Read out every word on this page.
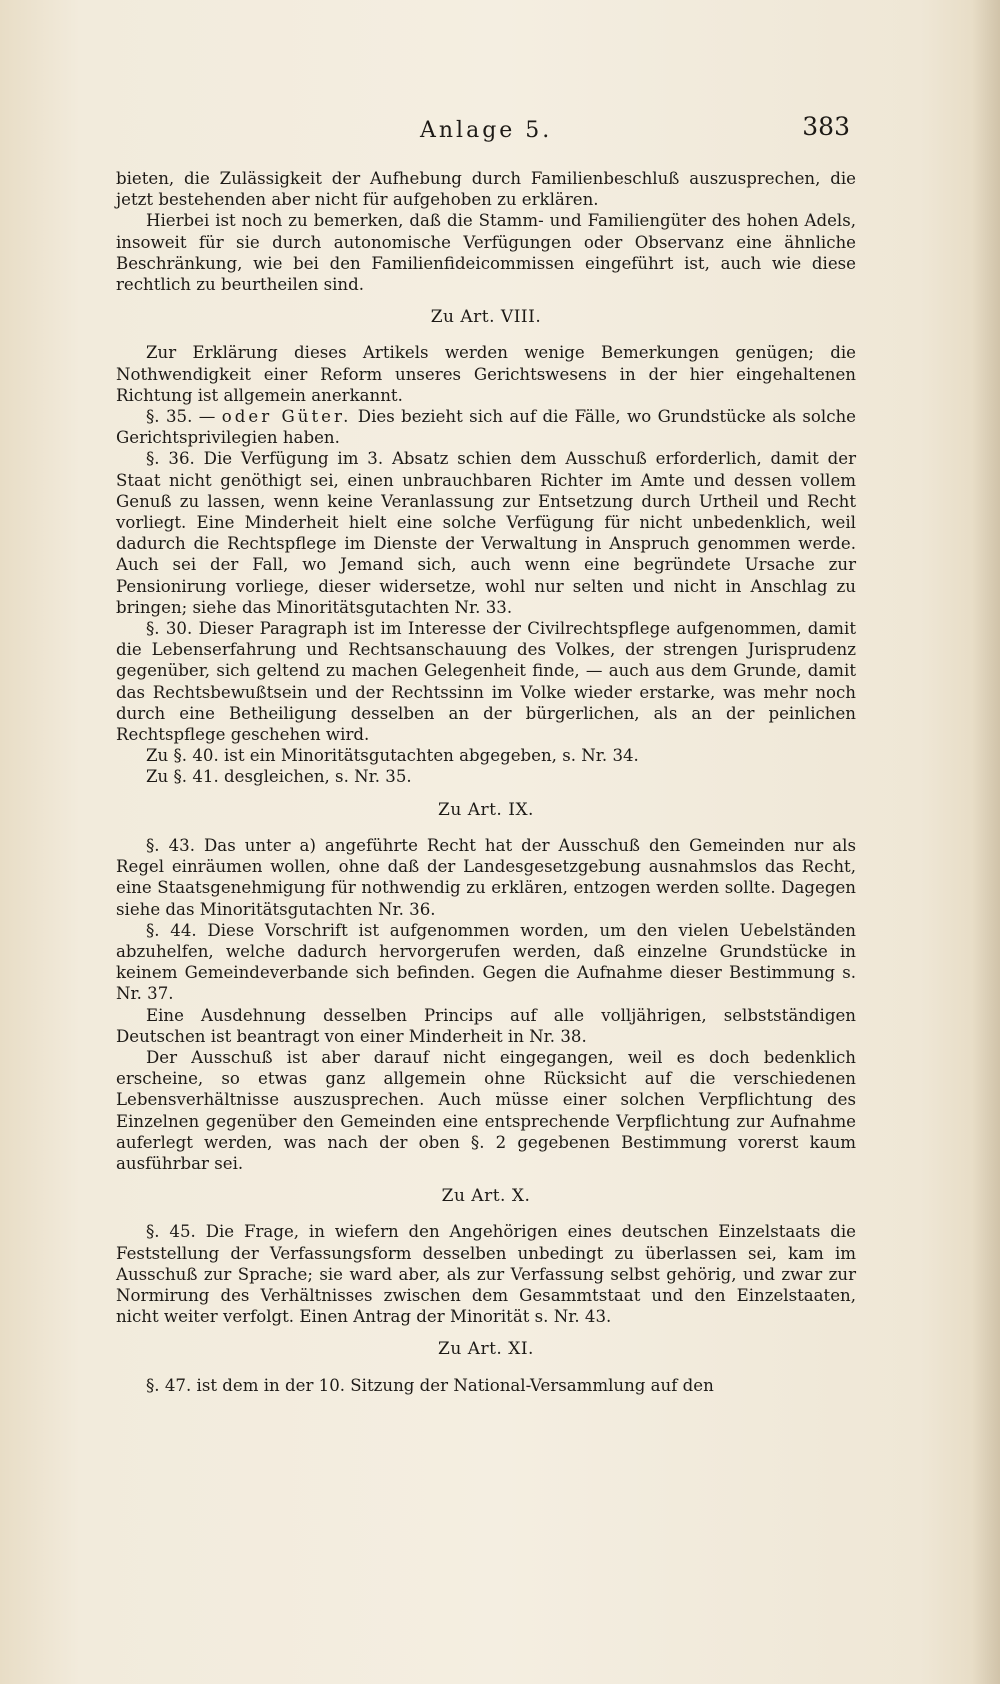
Anlage 5.	383

bieten, die Zulässigkeit der Aufhebung durch Familienbeschluß auszusprechen, die jetzt bestehenden aber nicht für aufgehoben zu erklären.

Hierbei ist noch zu bemerken, daß die Stamm- und Familiengüter des hohen Adels, insoweit für sie durch autonomische Verfügungen oder Observanz eine ähnliche Beschränkung, wie bei den Familienfideicommissen eingeführt ist, auch wie diese rechtlich zu beurtheilen sind.

Zu Art. VIII.

Zur Erklärung dieses Artikels werden wenige Bemerkungen genügen; die Nothwendigkeit einer Reform unseres Gerichtswesens in der hier eingehaltenen Richtung ist allgemein anerkannt.

§. 35. — oder Güter. Dies bezieht sich auf die Fälle, wo Grundstücke als solche Gerichtsprivilegien haben.

§. 36. Die Verfügung im 3. Absatz schien dem Ausschuß erforderlich, damit der Staat nicht genöthigt sei, einen unbrauchbaren Richter im Amte und dessen vollem Genuß zu lassen, wenn keine Veranlassung zur Entsetzung durch Urtheil und Recht vorliegt. Eine Minderheit hielt eine solche Verfügung für nicht unbedenklich, weil dadurch die Rechtspflege im Dienste der Verwaltung in Anspruch genommen werde. Auch sei der Fall, wo Jemand sich, auch wenn eine begründete Ursache zur Pensionirung vorliege, dieser widersetze, wohl nur selten und nicht in Anschlag zu bringen; siehe das Minoritätsgutachten Nr. 33.

§. 30. Dieser Paragraph ist im Interesse der Civilrechtspflege aufgenommen, damit die Lebenserfahrung und Rechtsanschauung des Volkes, der strengen Jurisprudenz gegenüber, sich geltend zu machen Gelegenheit finde, — auch aus dem Grunde, damit das Rechtsbewußtsein und der Rechtssinn im Volke wieder erstarke, was mehr noch durch eine Betheiligung desselben an der bürgerlichen, als an der peinlichen Rechtspflege geschehen wird.

Zu §. 40. ist ein Minoritätsgutachten abgegeben, s. Nr. 34.

Zu §. 41. desgleichen, s. Nr. 35.

Zu Art. IX.

§. 43. Das unter a) angeführte Recht hat der Ausschuß den Gemeinden nur als Regel einräumen wollen, ohne daß der Landesgesetzgebung ausnahmslos das Recht, eine Staatsgenehmigung für nothwendig zu erklären, entzogen werden sollte. Dagegen siehe das Minoritätsgutachten Nr. 36.

§. 44. Diese Vorschrift ist aufgenommen worden, um den vielen Uebelständen abzuhelfen, welche dadurch hervorgerufen werden, daß einzelne Grundstücke in keinem Gemeindeverbande sich befinden. Gegen die Aufnahme dieser Bestimmung s. Nr. 37.

Eine Ausdehnung desselben Princips auf alle volljährigen, selbstständigen Deutschen ist beantragt von einer Minderheit in Nr. 38.

Der Ausschuß ist aber darauf nicht eingegangen, weil es doch bedenklich erscheine, so etwas ganz allgemein ohne Rücksicht auf die verschiedenen Lebensverhältnisse auszusprechen. Auch müsse einer solchen Verpflichtung des Einzelnen gegenüber den Gemeinden eine entsprechende Verpflichtung zur Aufnahme auferlegt werden, was nach der oben §. 2 gegebenen Bestimmung vorerst kaum ausführbar sei.

Zu Art. X.

§. 45. Die Frage, in wiefern den Angehörigen eines deutschen Einzelstaats die Feststellung der Verfassungsform desselben unbedingt zu überlassen sei, kam im Ausschuß zur Sprache; sie ward aber, als zur Verfassung selbst gehörig, und zwar zur Normirung des Verhältnisses zwischen dem Gesammtstaat und den Einzelstaaten, nicht weiter verfolgt. Einen Antrag der Minorität s. Nr. 43.

Zu Art. XI.

§. 47. ist dem in der 10. Sitzung der National-Versammlung auf den
